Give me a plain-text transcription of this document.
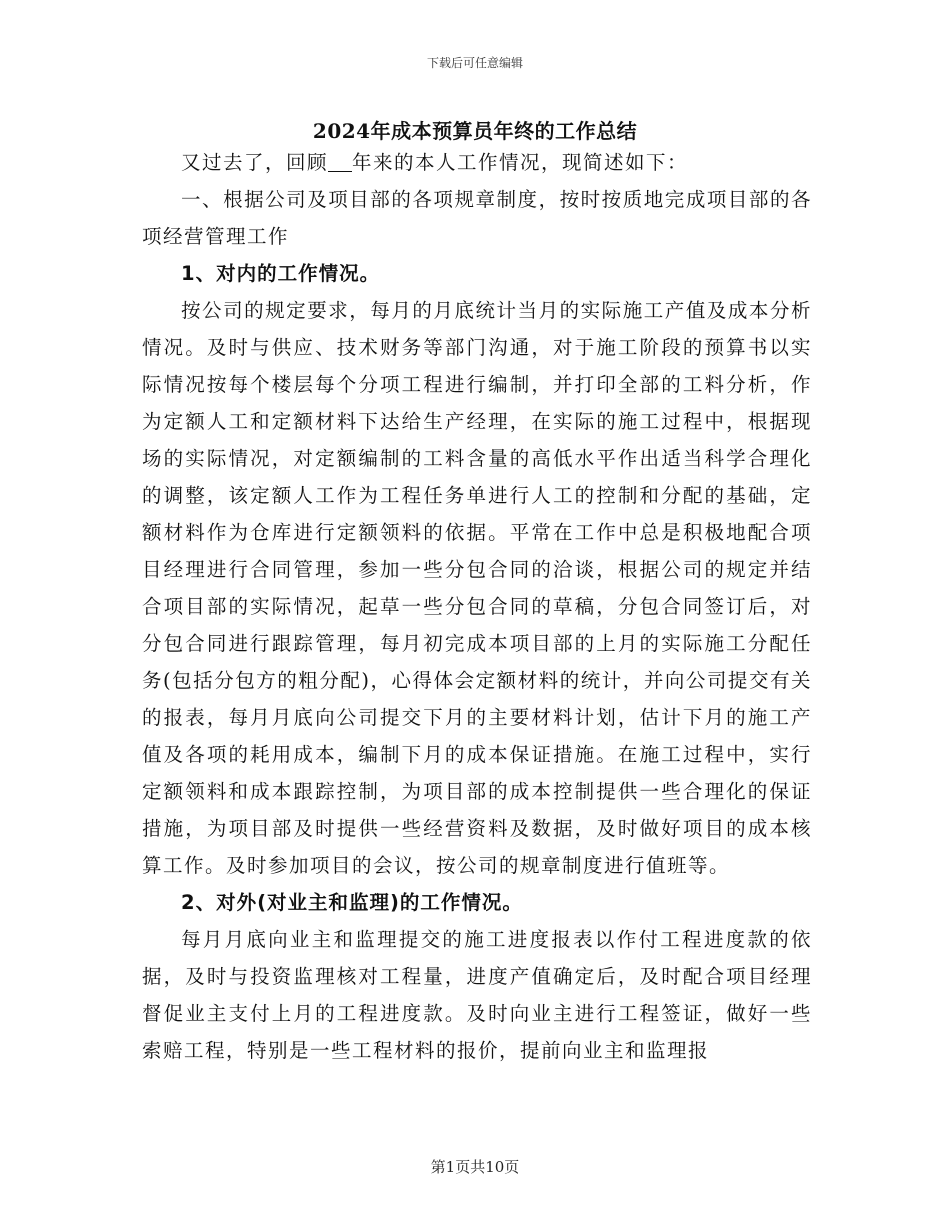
下载后可任意编辑
2024年成本预算员年终的工作总结

又过去了，回顾 年来的本人工作情况，现简述如下：

一、根据公司及项目部的各项规章制度，按时按质地完成项目部的各项经营管理工作

1、对内的工作情况。

按公司的规定要求，每月的月底统计当月的实际施工产值及成本分析情况。及时与供应、技术财务等部门沟通，对于施工阶段的预算书以实际情况按每个楼层每个分项工程进行编制，并打印全部的工料分析，作为定额人工和定额材料下达给生产经理，在实际的施工过程中，根据现场的实际情况，对定额编制的工料含量的高低水平作出适当科学合理化的调整，该定额人工作为工程任务单进行人工的控制和分配的基础，定额材料作为仓库进行定额领料的依据。平常在工作中总是积极地配合项目经理进行合同管理，参加一些分包合同的洽谈，根据公司的规定并结合项目部的实际情况，起草一些分包合同的草稿，分包合同签订后，对分包合同进行跟踪管理，每月初完成本项目部的上月的实际施工分配任务(包括分包方的粗分配)，心得体会定额材料的统计，并向公司提交有关的报表，每月月底向公司提交下月的主要材料计划，估计下月的施工产值及各项的耗用成本，编制下月的成本保证措施。在施工过程中，实行定额领料和成本跟踪控制，为项目部的成本控制提供一些合理化的保证措施，为项目部及时提供一些经营资料及数据，及时做好项目的成本核算工作。及时参加项目的会议，按公司的规章制度进行值班等。

2、对外(对业主和监理)的工作情况。

每月月底向业主和监理提交的施工进度报表以作付工程进度款的依据，及时与投资监理核对工程量，进度产值确定后，及时配合项目经理督促业主支付上月的工程进度款。及时向业主进行工程签证，做好一些索赔工程，特别是一些工程材料的报价，提前向业主和监理报

第1页共10页
